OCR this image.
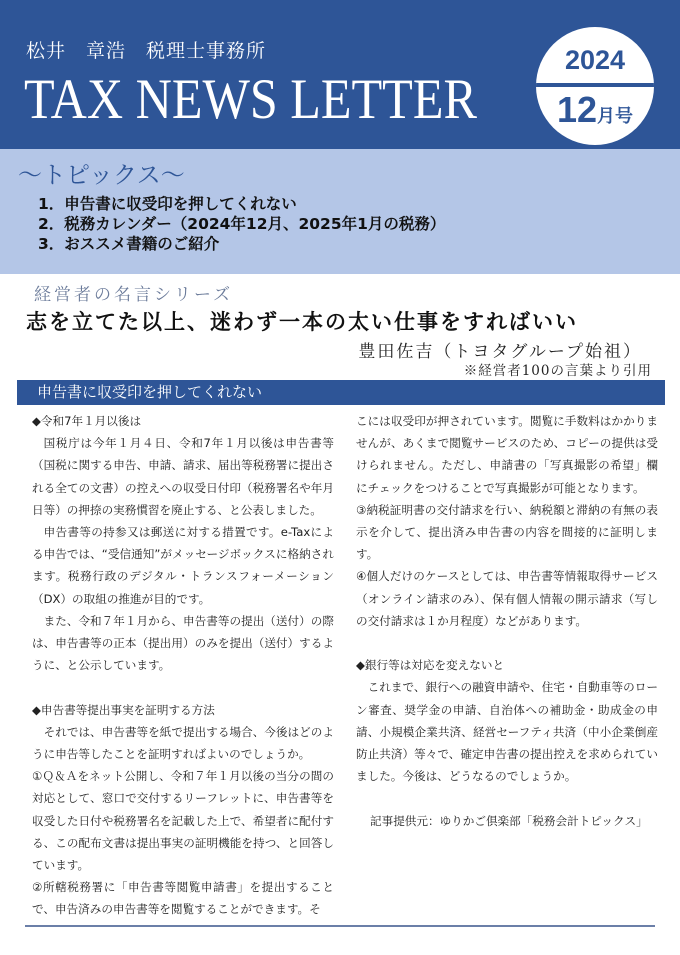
松井　章浩　税理士事務所
TAX NEWS LETTER
2024
12月号
～トピックス～
1．申告書に収受印を押してくれない
2．税務カレンダー（2024年12月、2025年1月の税務）
3．おススメ書籍のご紹介
経営者の名言シリーズ
志を立てた以上、迷わず一本の太い仕事をすればいい
豊田佐吉（トヨタグループ始祖）
※経営者100の言葉より引用
申告書に収受印を押してくれない

◆令和7年１月以後は

国税庁は今年１月４日、令和7年１月以後は申告書等（国税に関する申告、申請、請求、届出等税務署に提出される全ての文書）の控えへの収受日付印（税務署名や年月日等）の押捺の実務慣習を廃止する、と公表しました。

申告書等の持参又は郵送に対する措置です。e-Taxによる申告では、“受信通知”がメッセージボックスに格納されます。税務行政のデジタル・トランスフォーメーション（DX）の取組の推進が目的です。

また、令和７年１月から、申告書等の提出（送付）の際は、申告書等の正本（提出用）のみを提出（送付）するように、と公示しています。

◆申告書等提出事実を証明する方法

それでは、申告書等を紙で提出する場合、今後はどのように申告等したことを証明すればよいのでしょうか。

①Ｑ＆Ａをネット公開し、令和７年１月以後の当分の間の対応として、窓口で交付するリーフレットに、申告書等を収受した日付や税務署名を記載した上で、希望者に配付する、この配布文書は提出事実の証明機能を持つ、と回答しています。

②所轄税務署に「申告書等閲覧申請書」を提出することで、申告済みの申告書等を閲覧することができます。そ

こには収受印が押されています。閲覧に手数料はかかりませんが、あくまで閲覧サービスのため、コピーの提供は受けられません。ただし、申請書の「写真撮影の希望」欄にチェックをつけることで写真撮影が可能となります。

③納税証明書の交付請求を行い、納税額と滞納の有無の表示を介して、提出済み申告書の内容を間接的に証明します。

④個人だけのケースとしては、申告書等情報取得サービス（オンライン請求のみ）、保有個人情報の開示請求（写しの交付請求は１か月程度）などがあります。

◆銀行等は対応を変えないと

これまで、銀行への融資申請や、住宅・自動車等のローン審査、奨学金の申請、自治体への補助金・助成金の申請、小規模企業共済、経営セーフティ共済（中小企業倒産防止共済）等々で、確定申告書の提出控えを求められていました。今後は、どうなるのでしょうか。

記事提供元：ゆりかご倶楽部「税務会計トピックス」
